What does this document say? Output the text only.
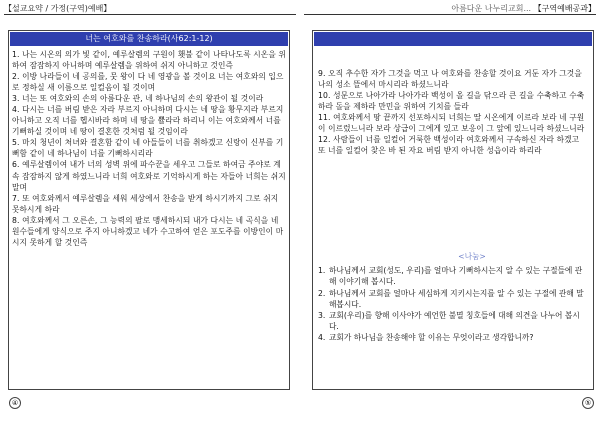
【설교요약 / 가정(구역)예배】
너는 여호와를 찬송하라(사62:1-12)

1. 나는 시온의 의가 빛 같이, 예루살렘의 구원이 횃불 같이 나타나도록 시온을 위하여 잠잠하지 아니하며 예루살렘을 위하여 쉬지 아니하고 것인즉

2. 이방 나라들이 네 공의를, 뭇 왕이 다 네 영광을 볼 것이요 너는 여호와의 입으로 정하실 새 이름으로 일컬음이 될 것이며

3. 너는 또 여호와의 손의 아름다운 관, 네 하나님의 손의 왕관이 될 것이라

4. 다시는 너를 버림 받은 자라 부르지 아니하며 다시는 네 땅을 황무지라 부르지 아니하고 오직 너를 헵시바라 하며 네 땅을 쁄라라 하리니 이는 여호와께서 너를 기뻐하실 것이며 네 땅이 결혼한 것처럼 될 것임이라

5. 마치 청년이 처녀와 결혼함 같이 네 아들들이 너를 취하겠고 신랑이 신부를 기뻐함 같이 네 하나님이 너를 기뻐하시리라

6. 예루살렘이여 내가 너의 성벽 위에 파수꾼을 세우고 그들로 하여금 주야로 계속 잠잠하지 않게 하였느니라 너희 여호와로 기억하시게 하는 자들아 너희는 쉬지 말며

7. 또 여호와께서 예루살렘을 세워 세상에서 찬송을 받게 하시기까지 그로 쉬지 못하시게 하라

8. 여호와께서 그 오른손, 그 능력의 팔로 맹세하시되 내가 다시는 네 곡식을 네 원수들에게 양식으로 주지 아니하겠고 네가 수고하여 얻은 포도주를 이방인이 마시지 못하게 할 것인즉

④
아름다운 나누리교회... 【구역예배공과】

9. 오직 추수한 자가 그것을 먹고 나 여호와를 찬송할 것이요 거둔 자가 그것을 나의 성소 뜰에서 마시리라 하셨느니라

10. 성문으로 나아가라 나아가라 백성이 올 길을 닦으라 큰 길을 수축하고 수축하라 돌을 제하라 만민을 위하여 기치를 들라

11. 여호와께서 땅 끝까지 선포하시되 너희는 딸 시온에게 이르라 보라 네 구원이 이르렀느니라 보라 상급이 그에게 있고 보응이 그 앞에 있느니라 하셨느니라

12. 사람들이 너를 일컬어 거룩한 백성이라 여호와께서 구속하신 자라 하겠고 또 너를 일컬어 찾은 바 된 자요 버림 받지 아니한 성읍이라 하리라

<나눔>
1. 하나님께서 교회(성도, 우리)를 얼마나 기뻐하시는지 알 수 있는 구절들에 관해 이야기해 봅시다.
2. 하나님께서 교회를 얼마나 세심하게 지키시는지를 알 수 있는 구절에 관해 말해봅시다.
3. 교회(우리)를 향해 이사야가 예언한 불멸 칭호들에 대해 의견을 나누어 봅시다.
4. 교회가 하나님을 찬송해야 할 이유는 무엇이라고 생각합니까?
⑤
